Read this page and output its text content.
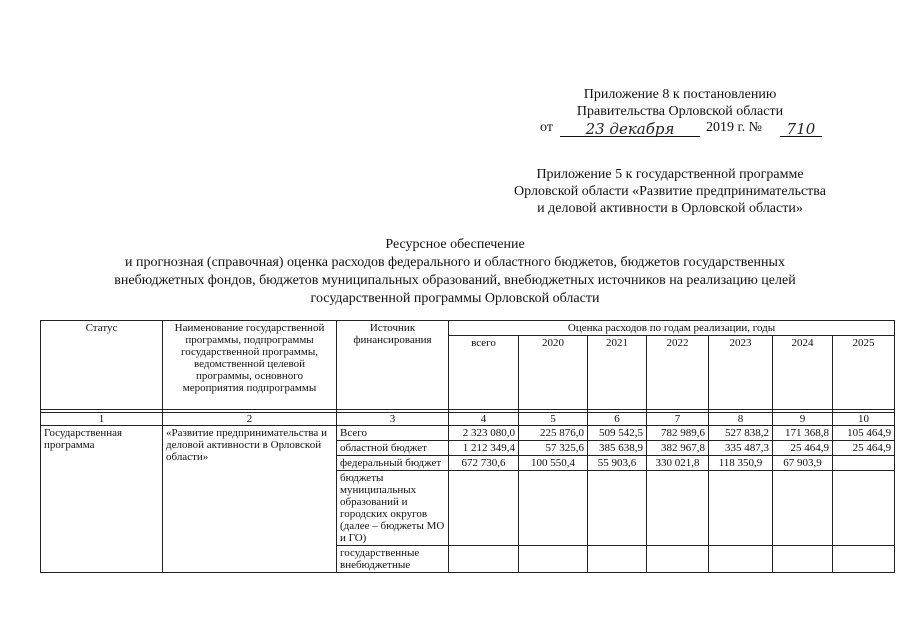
Приложение 8 к постановлению
Правительства Орловской области
от	23 декабря	2019 г. №	710
Приложение 5 к государственной программе
Орловской области «Развитие предпринимательства
и деловой активности в Орловской области»
Ресурсное обеспечение
и прогнозная (справочная) оценка расходов федерального и областного бюджетов, бюджетов государственных
внебюджетных фондов, бюджетов муниципальных образований, внебюджетных источников на реализацию целей
государственной программы Орловской области
Статус	Наименование государственной программы, подпрограммы государственной программы, ведомственной целевой программы, основного мероприятия подпрограммы	Источник финансирования	Оценка расходов по годам реализации, годы						
			всего	2020	2021	2022	2023	2024	2025

1	2	3	4	5	6	7	8	9	10
Государственная программа	«Развитие предпринимательства и деловой активности в Орловской области»	Всего	2 323 080,0	225 876,0	509 542,5	782 989,6	527 838,2	171 368,8	105 464,9
		областной бюджет	1 212 349,4	57 325,6	385 638,9	382 967,8	335 487,3	25 464,9	25 464,9
		федеральный бюджет	672 730,6	100 550,4	55 903,6	330 021,8	118 350,9	67 903,9	
		бюджеты муниципальных образований и городских округов (далее – бюджеты МО и ГО)							
		государственные внебюджетные							
